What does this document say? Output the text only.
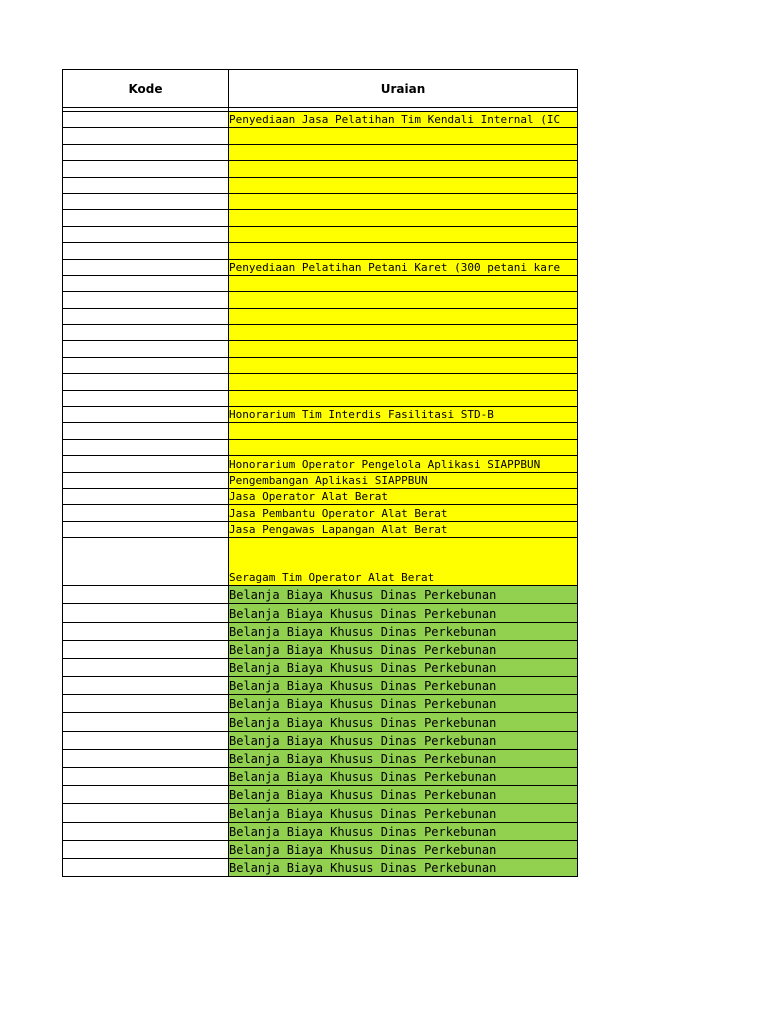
Kode	Uraian

	Penyediaan Jasa Pelatihan Tim Kendali Internal (IC

	Penyediaan Pelatihan Petani Karet (300 petani kare

	Honorarium Tim Interdis Fasilitasi STD-B

	Honorarium Operator Pengelola Aplikasi SIAPPBUN
	Pengembangan Aplikasi SIAPPBUN
	Jasa Operator Alat Berat
	Jasa Pembantu Operator Alat Berat
	Jasa Pengawas Lapangan Alat Berat
	Seragam Tim Operator Alat Berat
	Belanja Biaya Khusus Dinas Perkebunan
	Belanja Biaya Khusus Dinas Perkebunan
	Belanja Biaya Khusus Dinas Perkebunan
	Belanja Biaya Khusus Dinas Perkebunan
	Belanja Biaya Khusus Dinas Perkebunan
	Belanja Biaya Khusus Dinas Perkebunan
	Belanja Biaya Khusus Dinas Perkebunan
	Belanja Biaya Khusus Dinas Perkebunan
	Belanja Biaya Khusus Dinas Perkebunan
	Belanja Biaya Khusus Dinas Perkebunan
	Belanja Biaya Khusus Dinas Perkebunan
	Belanja Biaya Khusus Dinas Perkebunan
	Belanja Biaya Khusus Dinas Perkebunan
	Belanja Biaya Khusus Dinas Perkebunan
	Belanja Biaya Khusus Dinas Perkebunan
	Belanja Biaya Khusus Dinas Perkebunan
